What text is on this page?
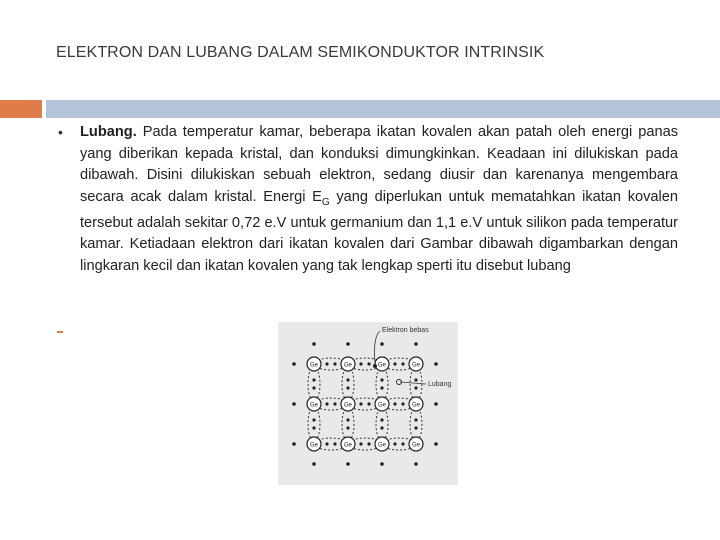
ELEKTRON DAN LUBANG DALAM SEMIKONDUKTOR INTRINSIK
• Lubang. Pada temperatur kamar, beberapa ikatan kovalen akan patah oleh energi panas yang diberikan kepada kristal, dan konduksi dimungkinkan. Keadaan ini dilukiskan pada dibawah. Disini dilukiskan sebuah elektron, sedang diusir dan karenanya mengembara secara acak dalam kristal. Energi $E_G$ yang diperlukan untuk mematahkan ikatan kovalen tersebut adalah sekitar 0,72 e.V untuk germanium dan 1,1 e.V untuk silikon pada temperatur kamar. Ketiadaan elektron dari ikatan kovalen dari Gambar dibawah digambarkan dengan lingkaran kecil dan ikatan kovalen yang tak lengkap sperti itu disebut lubang
Ge	Ge	Ge	Ge
Ge	Ge	Ge	Ge
Ge	Ge	Ge	Ge
Elektron bebas
Lubang
